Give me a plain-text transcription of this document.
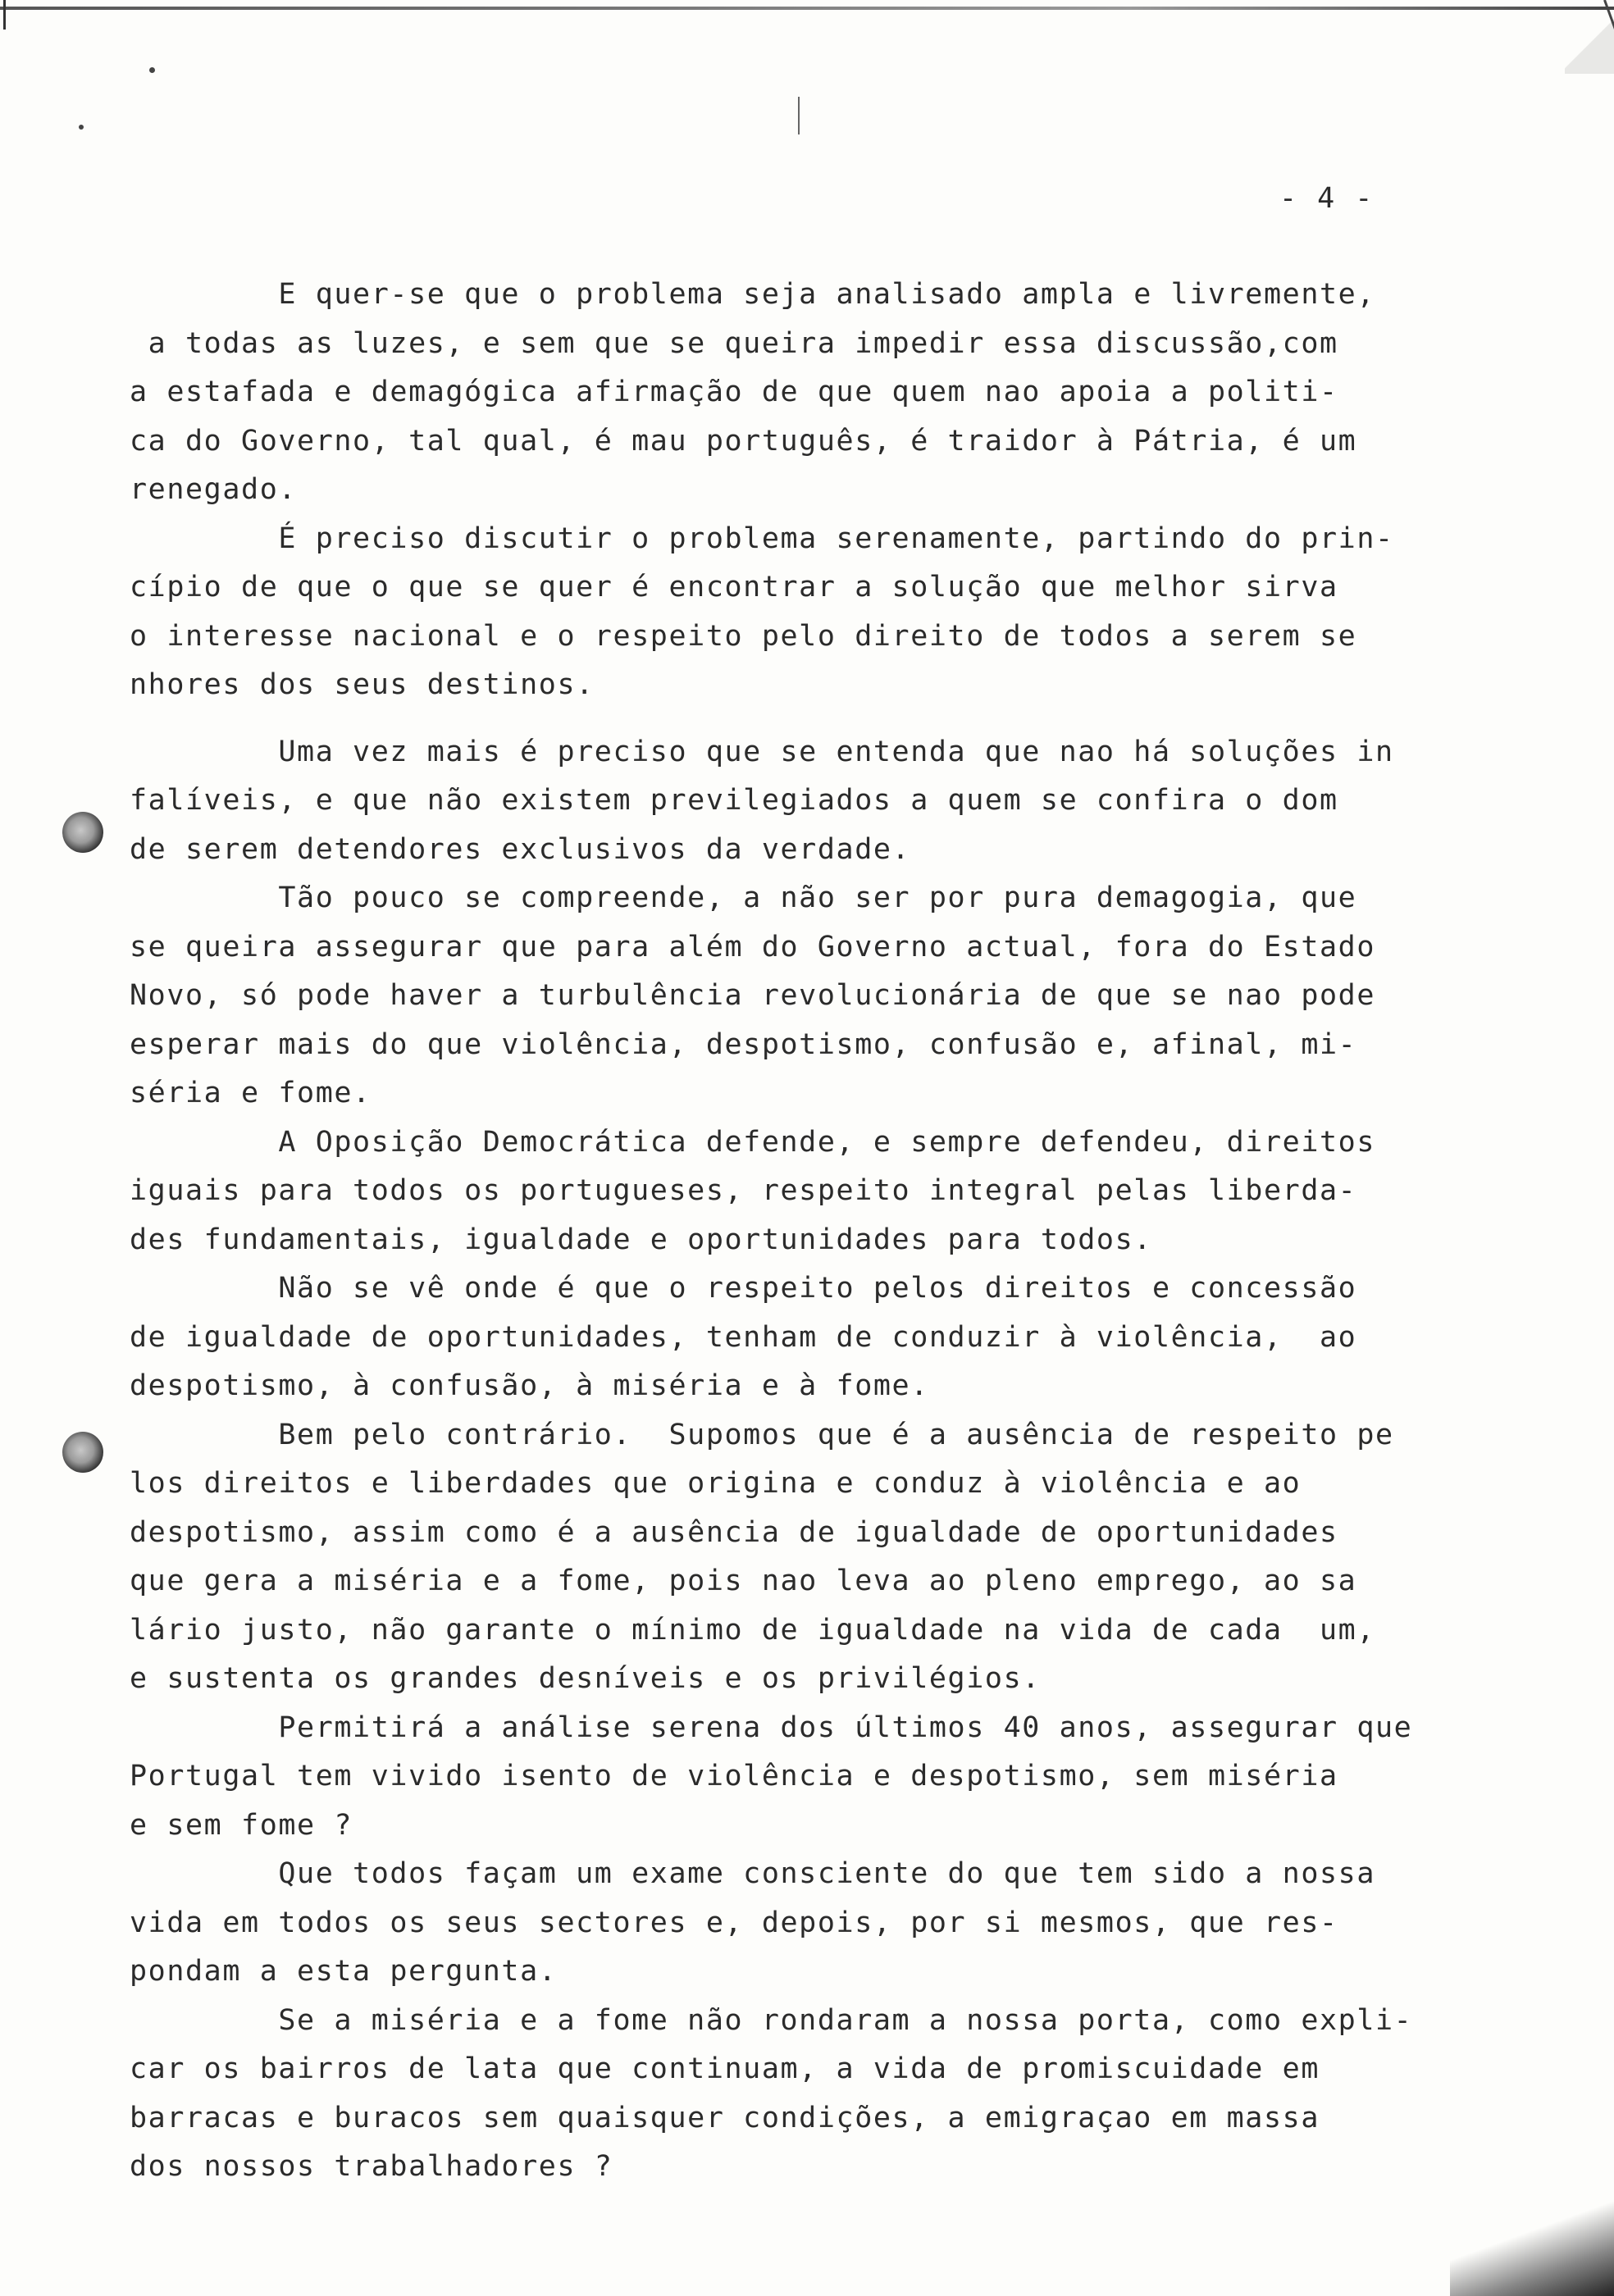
- 4 -
E quer-se que o problema seja analisado ampla e livremente,
a todas as luzes, e sem que se queira impedir essa discussão,com
a estafada e demagógica afirmação de que quem nao apoia a politi-
ca do Governo, tal qual, é mau português, é traidor à Pátria, é um
renegado.
É preciso discutir o problema serenamente, partindo do prin-
cípio de que o que se quer é encontrar a solução que melhor sirva
o interesse nacional e o respeito pelo direito de todos a serem se
nhores dos seus destinos.
Uma vez mais é preciso que se entenda que nao há soluções in
falíveis, e que não existem previlegiados a quem se confira o dom
de serem detendores exclusivos da verdade.
Tão pouco se compreende, a não ser por pura demagogia, que
se queira assegurar que para além do Governo actual, fora do Estado
Novo, só pode haver a turbulência revolucionária de que se nao pode
esperar mais do que violência, despotismo, confusão e, afinal, mi-
séria e fome.
A Oposição Democrática defende, e sempre defendeu, direitos
iguais para todos os portugueses, respeito integral pelas liberda-
des fundamentais, igualdade e oportunidades para todos.
Não se vê onde é que o respeito pelos direitos e concessão
de igualdade de oportunidades, tenham de conduzir à violência,  ao
despotismo, à confusão, à miséria e à fome.
Bem pelo contrário.  Supomos que é a ausência de respeito pe
los direitos e liberdades que origina e conduz à violência e ao
despotismo, assim como é a ausência de igualdade de oportunidades
que gera a miséria e a fome, pois nao leva ao pleno emprego, ao sa
lário justo, não garante o mínimo de igualdade na vida de cada  um,
e sustenta os grandes desníveis e os privilégios.
Permitirá a análise serena dos últimos 40 anos, assegurar que
Portugal tem vivido isento de violência e despotismo, sem miséria
e sem fome ?
Que todos façam um exame consciente do que tem sido a nossa
vida em todos os seus sectores e, depois, por si mesmos, que res-
pondam a esta pergunta.
Se a miséria e a fome não rondaram a nossa porta, como expli-
car os bairros de lata que continuam, a vida de promiscuidade em
barracas e buracos sem quaisquer condições, a emigraçao em massa
dos nossos trabalhadores ?
